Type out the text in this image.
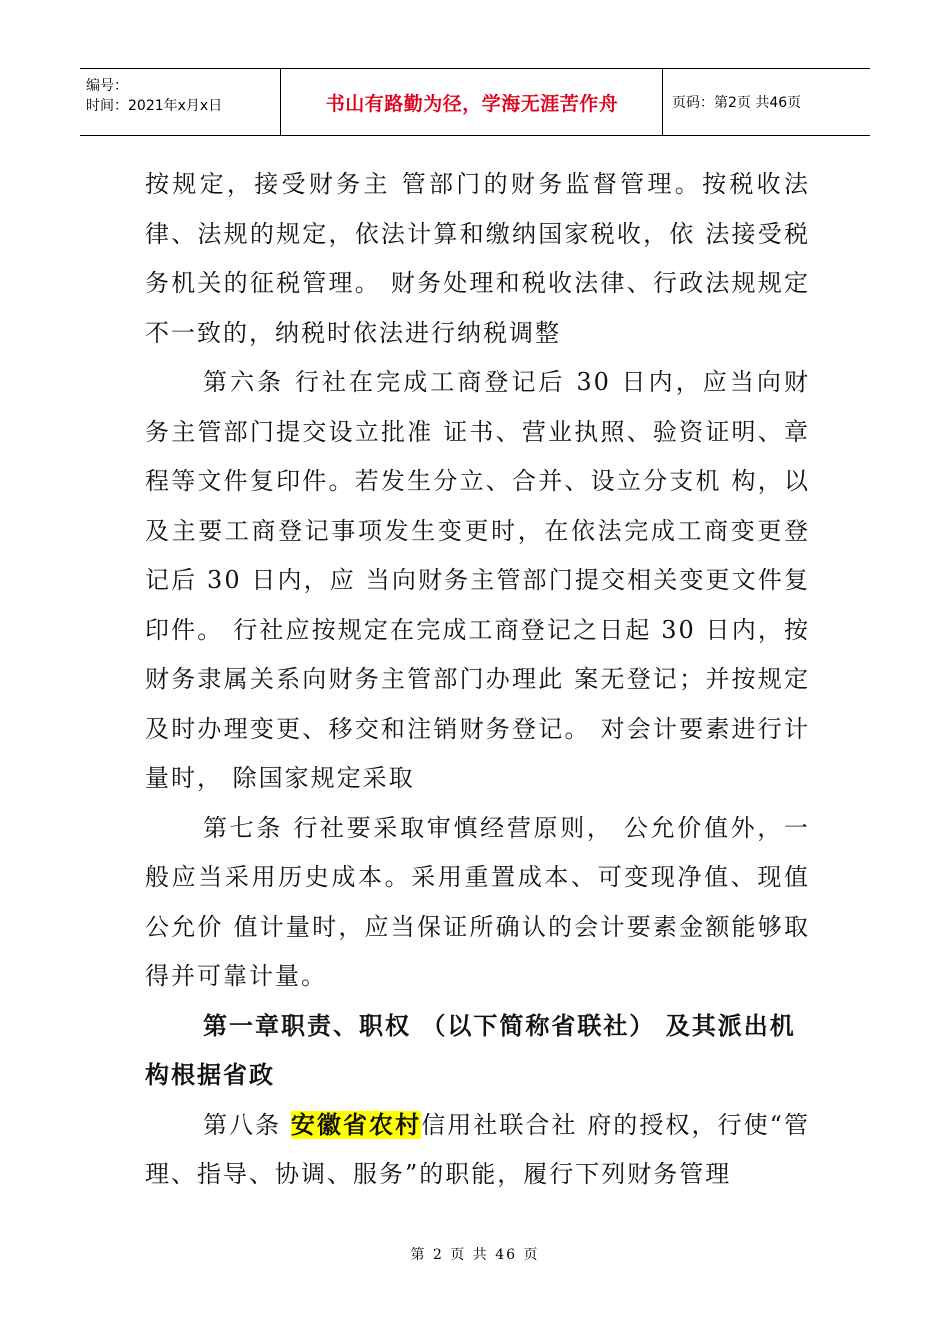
编号：
时间：2021年x月x日	书山有路勤为径，学海无涯苦作舟	页码：第2页 共46页

按规定，接受财务主 管部门的财务监督管理。按税收法律、法规的规定，依法计算和缴纳国家税收，依 法接受税务机关的征税管理。 财务处理和税收法律、行政法规规定不一致的，纳税时依法进行纳税调整

第六条 行社在完成工商登记后 30 日内，应当向财务主管部门提交设立批准 证书、营业执照、验资证明、章程等文件复印件。若发生分立、合并、设立分支机 构，以及主要工商登记事项发生变更时，在依法完成工商变更登记后 30 日内，应 当向财务主管部门提交相关变更文件复印件。 行社应按规定在完成工商登记之日起 30 日内，按财务隶属关系向财务主管部门办理此 案无登记；并按规定及时办理变更、移交和注销财务登记。 对会计要素进行计量时， 除国家规定采取

第七条 行社要采取审慎经营原则， 公允价值外，一般应当采用历史成本。采用重置成本、可变现净值、现值公允价 值计量时，应当保证所确认的会计要素金额能够取得并可靠计量。

第一章职责、职权 （以下简称省联社） 及其派出机构根据省政

第八条 安徽省农村信用社联合社 府的授权，行使“管理、指导、协调、服务”的职能，履行下列财务管理

第 2 页 共 46 页
